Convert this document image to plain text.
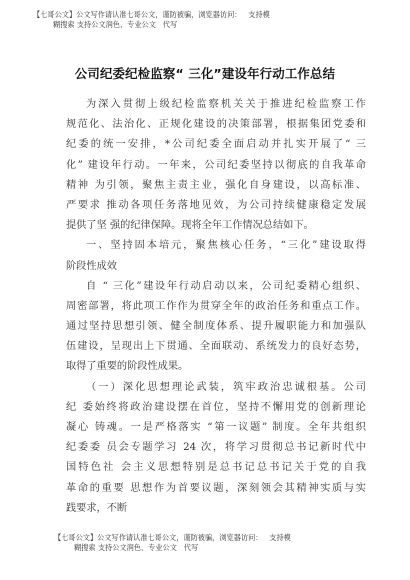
【七哥公文】公文写作请认准七哥公文，谨防被骗，浏览器访问：   支持模

糊搜索 支持公文润色、专业公文   代写
公司纪委纪检监察“ 三化”建设年行动工作总结
为深入贯彻上级纪检监察机关关于推进纪检监察工作
规范化、法治化、正规化建设的决策部署，根据集团党委和
纪委的统一安排，*公司纪委全面启动并扎实开展了“ 三
化” 建设年行动。一年来，公司纪委坚持以彻底的自我革命
精神 为引领，聚焦主责主业，强化自身建设，以高标准、
严要求 推动各项任务落地见效，为公司持续健康稳定发展
提供了坚 强的纪律保障。现将全年工作情况总结如下。
一、坚持固本培元，聚焦核心任务，“三化”建设取得
阶段性成效
自 “ 三化”建设年行动启动以来，公司纪委精心组织、
周密部署，将此项工作作为贯穿全年的政治任务和重点工作。
通过坚持思想引领、健全制度体系、提升履职能力和加强队
伍建设，呈现出上下贯通、全面联动、系统发力的良好态势，
取得了重要的阶段性成果。
（一）深化思想理论武装，筑牢政治忠诚根基。公司
纪 委始终将政治建设摆在首位，坚持不懈用党的创新理论
凝心 铸魂。一是严格落实 “第一议题” 制度。全年共组织
纪委委 员会专题学习 24 次，将学习贯彻总书记新时代中
国特色社 会主义思想特别是总书记总书记关于党的自我
革命的重要 思想作为首要议题，深刻领会其精神实质与实
践要求，不断
【七哥公文】公文写作请认准七哥公文，谨防被骗，浏览器访问：   支持模

糊搜索 支持公文润色、专业公文   代写
